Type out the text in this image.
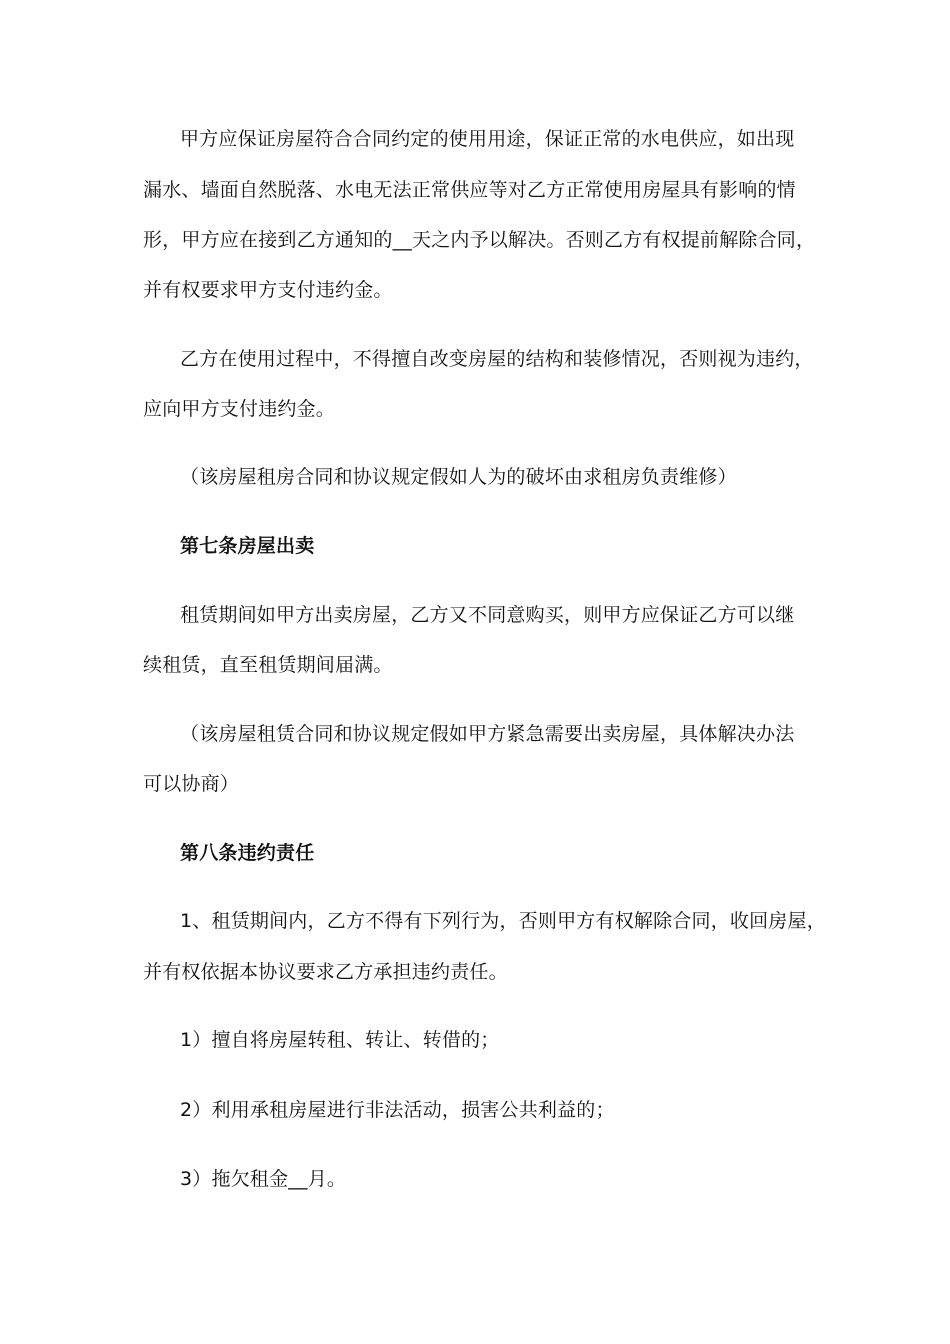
甲方应保证房屋符合合同约定的使用用途，保证正常的水电供应，如出现
漏水、墙面自然脱落、水电无法正常供应等对乙方正常使用房屋具有影响的情
形，甲方应在接到乙方通知的__天之内予以解决。否则乙方有权提前解除合同，
并有权要求甲方支付违约金。
乙方在使用过程中，不得擅自改变房屋的结构和装修情况，否则视为违约，
应向甲方支付违约金。
（该房屋租房合同和协议规定假如人为的破坏由求租房负责维修）
第七条房屋出卖
租赁期间如甲方出卖房屋，乙方又不同意购买，则甲方应保证乙方可以继
续租赁，直至租赁期间届满。
（该房屋租赁合同和协议规定假如甲方紧急需要出卖房屋，具体解决办法
可以协商）
第八条违约责任
1、租赁期间内，乙方不得有下列行为，否则甲方有权解除合同，收回房屋，
并有权依据本协议要求乙方承担违约责任。
1）擅自将房屋转租、转让、转借的；
2）利用承租房屋进行非法活动，损害公共利益的；
3）拖欠租金__月。
